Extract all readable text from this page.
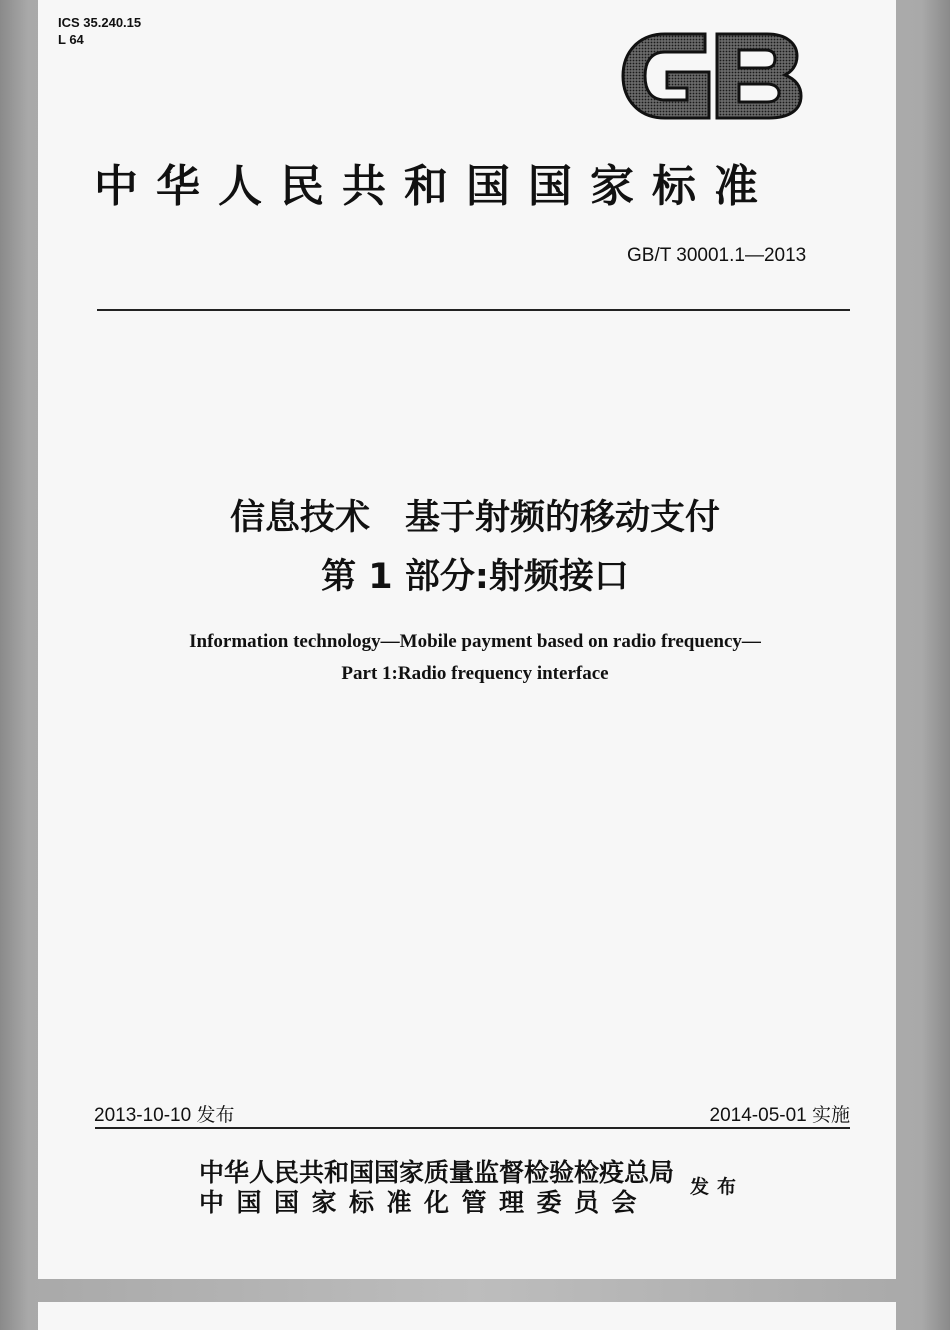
ICS 35.240.15
L 64
中华人民共和国国家标准
GB/T 30001.1—2013
信息技术　基于射频的移动支付
第 1 部分:射频接口
Information technology—Mobile payment based on radio frequency—
Part 1:Radio frequency interface
2013-10-10 发布	2014-05-01 实施
中华人民共和国国家质量监督检验检疫总局
中国国家标准化管理委员会
发布
